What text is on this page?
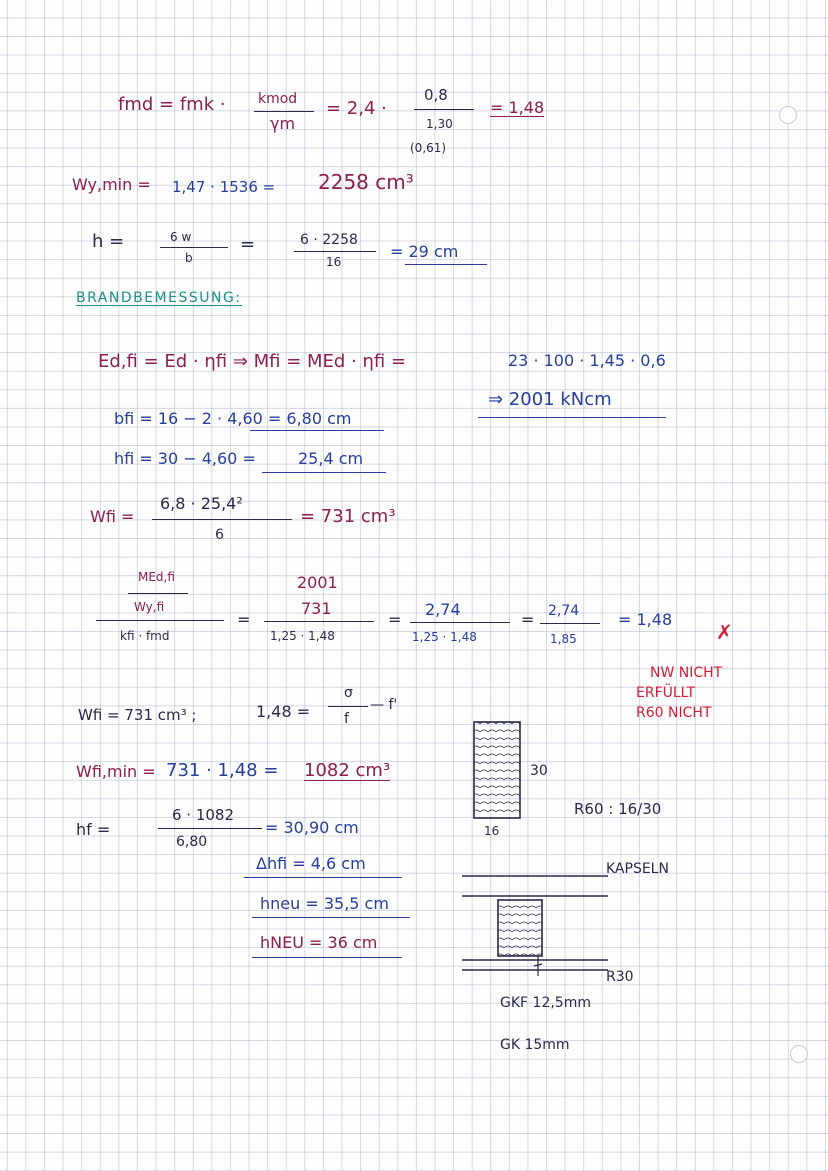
fmd = fmk · kmod
γm
= 2,4 ·
0,8
1,30
(0,61)
= 1,48
Wy,min = 1,47 · 1536 = 2258 cm³
h =	6 w
b
=	6 · 2258
16
= 29 cm
BRANDBEMESSUNG:
Ed,fi = Ed · ηfi ⇒ Mfi = MEd · ηfi =	23 · 100 · 1,45 · 0,6
⇒ 2001 kNcm
bfi = 16 − 2 · 4,60 = 6,80 cm
hfi = 30 − 4,60 =	25,4 cm
Wfi =
6,8 · 25,4²
6
= 731 cm³
MEd,fi
Wy,fi
kfi · fmd
=
2001
731
1,25 · 1,48
=
2,74
1,25 · 1,48
= 2,74
1,85
= 1,48
✗
NW NICHT
ERFÜLLT
R60 NICHT
Wfi = 731 cm³ ;	1,48 =
σ
f
— f'
Wfi,min = 731 · 1,48 = 1082 cm³
hf =
6 · 1082
6,80
= 30,90 cm
Δhfi = 4,6 cm
hneu = 35,5 cm
hNEU = 36 cm
30
16
R60 : 16/30
KAPSELN
R30
GKF 12,5mm
GK 15mm
